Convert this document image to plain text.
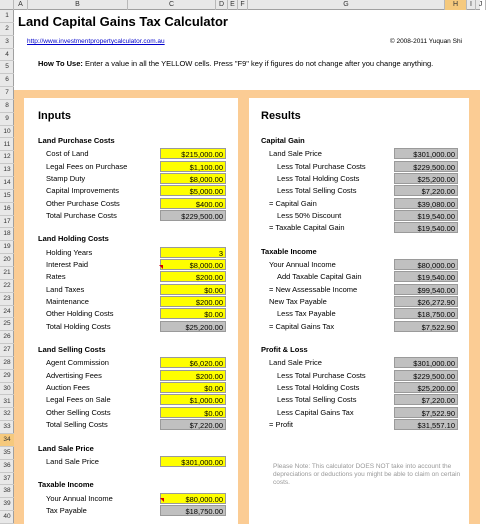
A	B	C	D E F	G	H	I J
1
2
3
4
5
6
7
8
9
10
11
12
13
14
15
16
17
18
19
20
21
22
23
24
25
26
27
28
29
30
31
32
33
34
35
36
37
38
39
40
Land Capital Gains Tax Calculator
http://www.investmentpropertycalculator.com.au	© 2008-2011 Yuquan Shi
How To Use: Enter a value in all the YELLOW cells. Press "F9" key if figures do not change after you change anything.
Inputs
Land Purchase Costs
Cost of Land	$215,000.00
Legal Fees on Purchase	$1,100.00
Stamp Duty	$8,000.00
Capital Improvements	$5,000.00
Other Purchase Costs	$400.00
Total Purchase Costs	$229,500.00
Land Holding Costs
Holding Years	3
Interest Paid	$8,000.00
Rates	$200.00
Land Taxes	$0.00
Maintenance	$200.00
Other Holding Costs	$0.00
Total Holding Costs	$25,200.00
Land Selling Costs
Agent Commission	$6,020.00
Advertising Fees	$200.00
Auction Fees	$0.00
Legal Fees on Sale	$1,000.00
Other Selling Costs	$0.00
Total Selling Costs	$7,220.00
Land Sale Price
Land Sale Price	$301,000.00
Taxable Income
Your Annual Income	$80,000.00
Tax Payable	$18,750.00
Results
Capital Gain
Land Sale Price	$301,000.00
Less Total Purchase Costs	$229,500.00
Less Total Holding Costs	$25,200.00
Less Total Selling Costs	$7,220.00
= Capital Gain	$39,080.00
Less 50% Discount	$19,540.00
= Taxable Capital Gain	$19,540.00
Taxable Income
Your Annual Income	$80,000.00
Add Taxable Capital Gain	$19,540.00
= New Assessable Income	$99,540.00
New Tax Payable	$26,272.90
Less Tax Payable	$18,750.00
= Capital Gains Tax	$7,522.90
Profit & Loss
Land Sale Price	$301,000.00
Less Total Purchase Costs	$229,500.00
Less Total Holding Costs	$25,200.00
Less Total Selling Costs	$7,220.00
Less Capital Gains Tax	$7,522.90
= Profit	$31,557.10
Please Note: This calculator DOES NOT take into account the depreciations or deductions you might be able to claim on certain costs.
